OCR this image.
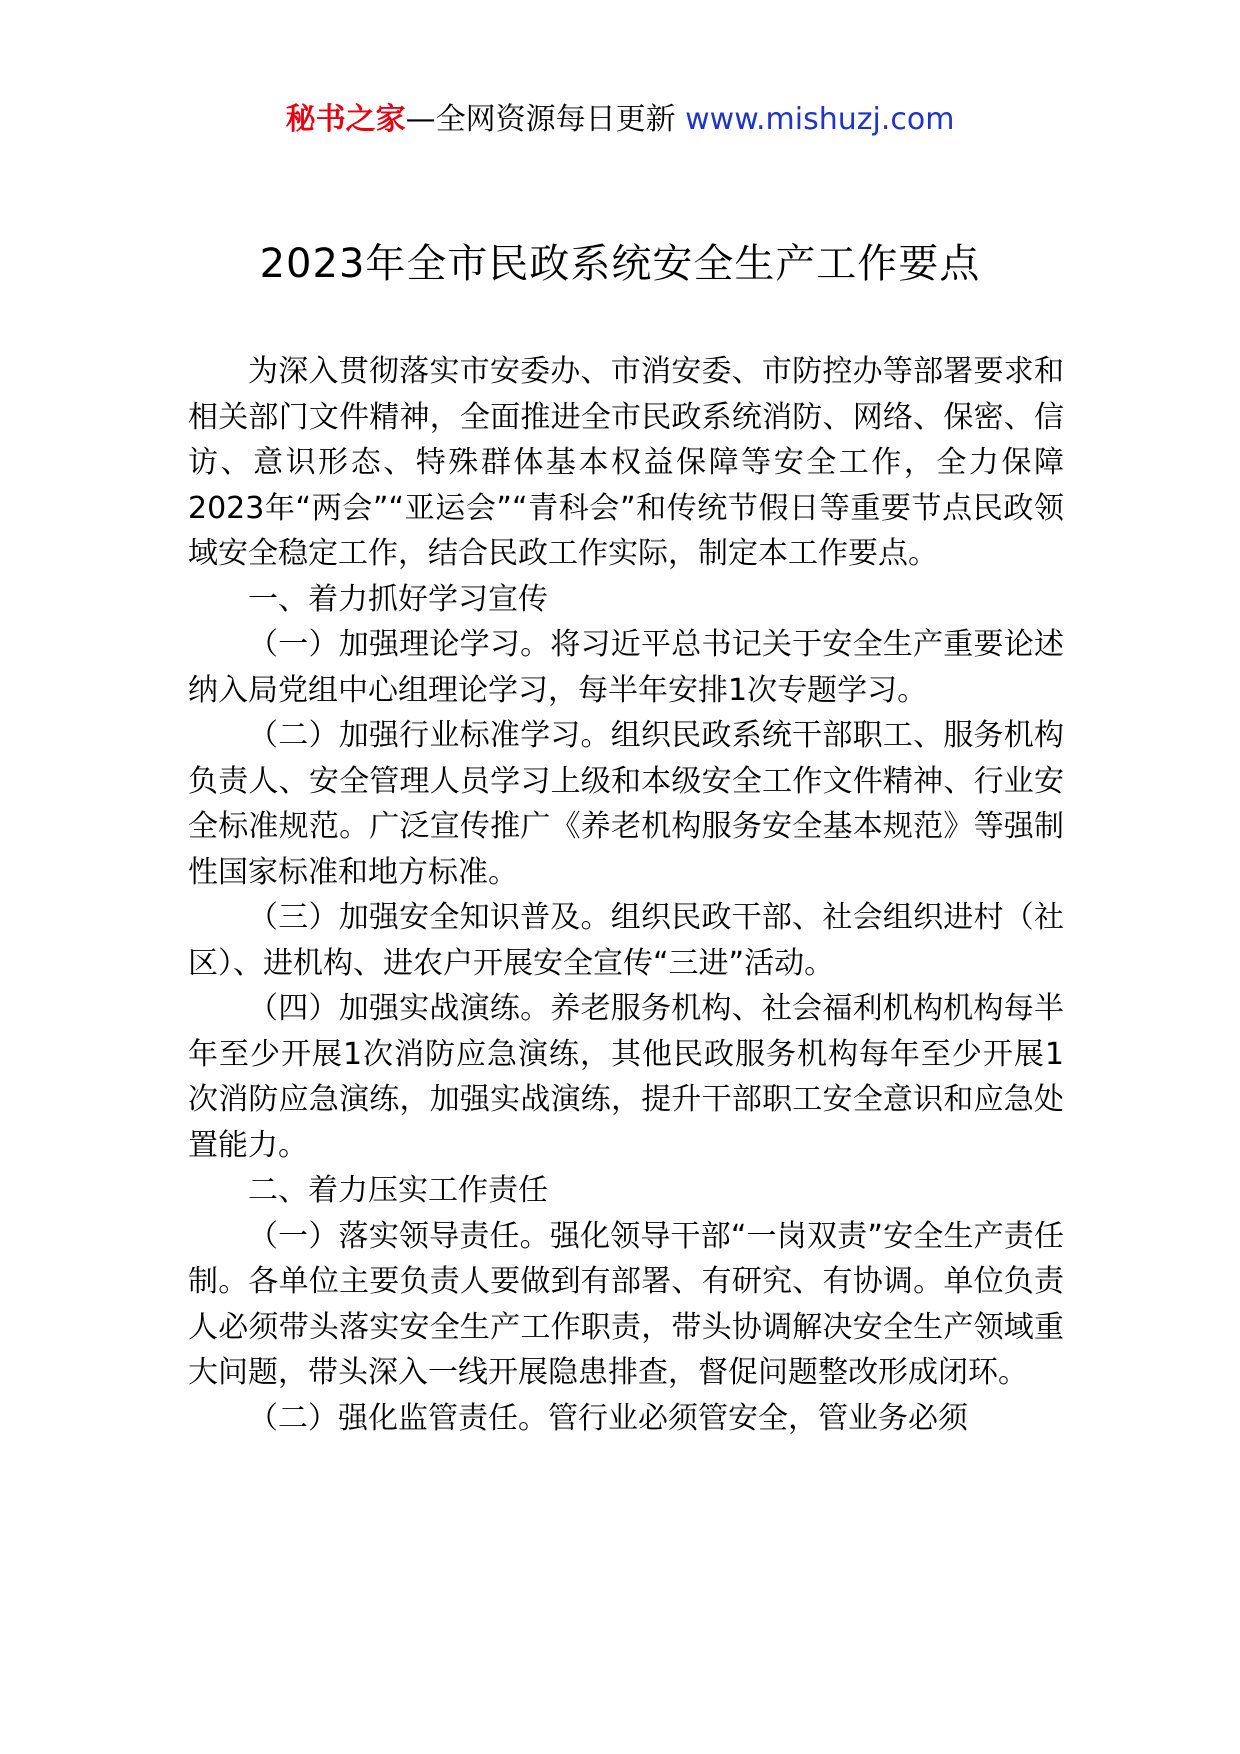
秘书之家—全网资源每日更新 www.mishuzj.com
2023年全市民政系统安全生产工作要点

为深入贯彻落实市安委办、市消安委、市防控办等部署要求和相关部门文件精神，全面推进全市民政系统消防、网络、保密、信访、意识形态、特殊群体基本权益保障等安全工作，全力保障2023年“两会”“亚运会”“青科会”和传统节假日等重要节点民政领域安全稳定工作，结合民政工作实际，制定本工作要点。

一、着力抓好学习宣传

（一）加强理论学习。将习近平总书记关于安全生产重要论述纳入局党组中心组理论学习，每半年安排1次专题学习。

（二）加强行业标准学习。组织民政系统干部职工、服务机构负责人、安全管理人员学习上级和本级安全工作文件精神、行业安全标准规范。广泛宣传推广《养老机构服务安全基本规范》等强制性国家标准和地方标准。

（三）加强安全知识普及。组织民政干部、社会组织进村（社区）、进机构、进农户开展安全宣传“三进”活动。

（四）加强实战演练。养老服务机构、社会福利机构机构每半年至少开展1次消防应急演练，其他民政服务机构每年至少开展1次消防应急演练，加强实战演练，提升干部职工安全意识和应急处置能力。

二、着力压实工作责任

（一）落实领导责任。强化领导干部“一岗双责”安全生产责任制。各单位主要负责人要做到有部署、有研究、有协调。单位负责人必须带头落实安全生产工作职责，带头协调解决安全生产领域重大问题，带头深入一线开展隐患排查，督促问题整改形成闭环。

（二）强化监管责任。管行业必须管安全，管业务必须
